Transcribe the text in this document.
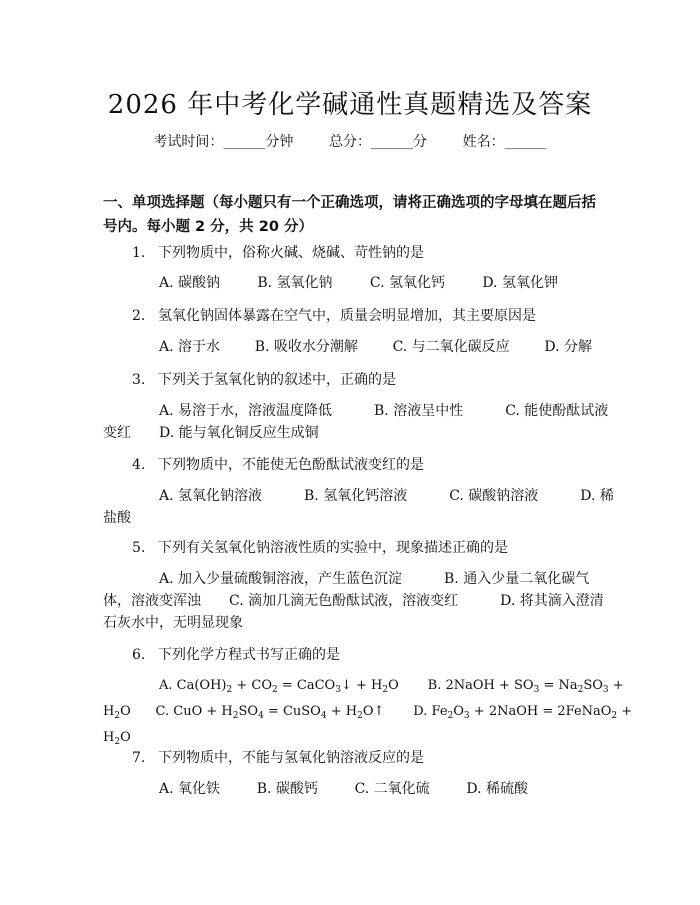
2026 年中考化学碱通性真题精选及答案
考试时间：______分钟	总分：______分	姓名：______
一、单项选择题（每小题只有一个正确选项，请将正确选项的字母填在题后括号内。每小题 2 分，共 20 分）
1. 下列物质中，俗称火碱、烧碱、苛性钠的是
A. 碳酸钠	B. 氢氧化钠	C. 氢氧化钙	D. 氢氧化钾
2. 氢氧化钠固体暴露在空气中，质量会明显增加，其主要原因是
A. 溶于水 B. 吸收水分潮解 C. 与二氧化碳反应 D. 分解
3. 下列关于氢氧化钠的叙述中，正确的是
A. 易溶于水，溶液温度降低　　　B. 溶液呈中性　　　C. 能使酚酞试液
变红　　D. 能与氧化铜反应生成铜
4. 下列物质中，不能使无色酚酞试液变红的是
A. 氢氧化钠溶液　　　B. 氢氧化钙溶液　　　C. 碳酸钠溶液　　　D. 稀
盐酸
5. 下列有关氢氧化钠溶液性质的实验中，现象描述正确的是
A. 加入少量硫酸铜溶液，产生蓝色沉淀　　　B. 通入少量二氧化碳气
体，溶液变浑浊　　C. 滴加几滴无色酚酞试液，溶液变红　　　D. 将其滴入澄清
石灰水中，无明显现象
6. 下列化学方程式书写正确的是
A. $Ca(OH)_2 + CO_2$ = CaCO$_3$↓ + $H_2O$       B. 2NaOH + $SO_3 = Na_2SO_3$ +
$H_2O$      C. CuO + $H_2SO_4$ = CuSO$_4$ + $H_2O↑$       D. $Fe_2O_3$ + 2NaOH = 2FeNaO$_2$ +
$H_2O$
7. 下列物质中，不能与氢氧化钠溶液反应的是
A. 氧化铁	B. 碳酸钙	C. 二氧化硫	D. 稀硫酸
